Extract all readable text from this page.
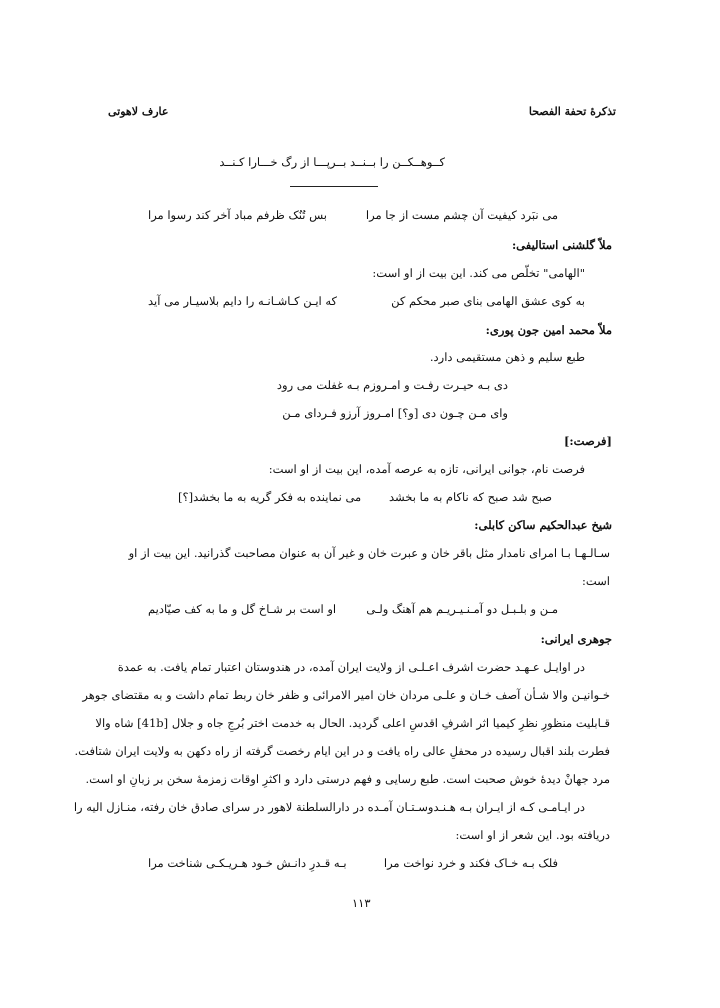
تذکرۀ تحفة الفصحا
عارف لاهوتی
کــوهــکــن را بــنــد بــرپـــا از رگ خـــارا کـنــد
می‌ نبَرد کیفیت آن چشم مست از جا مرا
بس تُنُک ظرفم مباد آخر کند رسوا مرا
ملاّ گلشنی استالیفی:
"الهامی" تخلّص می کند. این بیت از او است:
به کوی عشق الهامی بنای صبر محکم کن
که ایـن کـاشـانـه را دایم بلاسیـار می آید
ملاّ محمد امین جون پوری:
طبع سلیم و ذهن مستقیمی دارد.
دی بـه حیـرت رفـت و امـروزم بـه غفلت می رود
وای مـن چـون دی [و؟] امـروز آرزو فـردای مـن
[فرصت:]
فرصت نام، جوانی ایرانی، تازه به عرصه آمده، این بیت از او است:
صبح شد صبح که ناکام به ما بخشد
می نماینده به فکر گریه به ما بخشد[؟]
شیخ عبدالحکیم ساکن کابلی:
سـالـهـا بـا امرای نامدار مثل باقر خان و عبرت خان و غیر آن به عنوان مصاحبت گذرانید. این بیت از او
است:
مـن و بلـبـل دو آمـنـیـریـم هم آهنگ ولـی
او است بر شـاخ گل و ما به کف صیّادیم
جوهری ایرانی:
در اوایـل عـهـد حضرت اشرف اعـلـی از ولایت ایران آمده، در هندوستان اعتبار تمام یافت. به عمدة
خـوانیـن والا شـأن آصف خـان و علـی مردان خان امیر الامرائی و ظفر خان ربط تمام داشت و به مقتضای جوهر
قـابلیت منظورِ نظرِ کیمیا اثر اشرفِ اقدسِ اعلی گردید. الحال به خدمت اختر بُرجِ جاه و جلال [41b] شاه والا
فطرت بلند اقبال رسیده در محفلِ عالی راه یافت و در این ایام رخصت گرفته از راه دکهن به ولایت ایران شتافت.
مرد جهانْ دیدهٔ خوش صحبت است. طبع رسایی و فهم درستی دارد و اکثرِ اوقات زمزمهٔ سخن بر زبانِ او است.
در ایـامـی کـه از ایـران بـه هـنـدوسـتـان آمـده در دارالسلطنة لاهور در سرای صادق خان رفته، منـازل الیه را
دریافته بود. این شعر از او است:
فلک بـه خـاک فکند و خرد نواخت مرا
بـه قـدرِ دانـش خـود هـریـکـی شناخت مرا
۱۱۳
